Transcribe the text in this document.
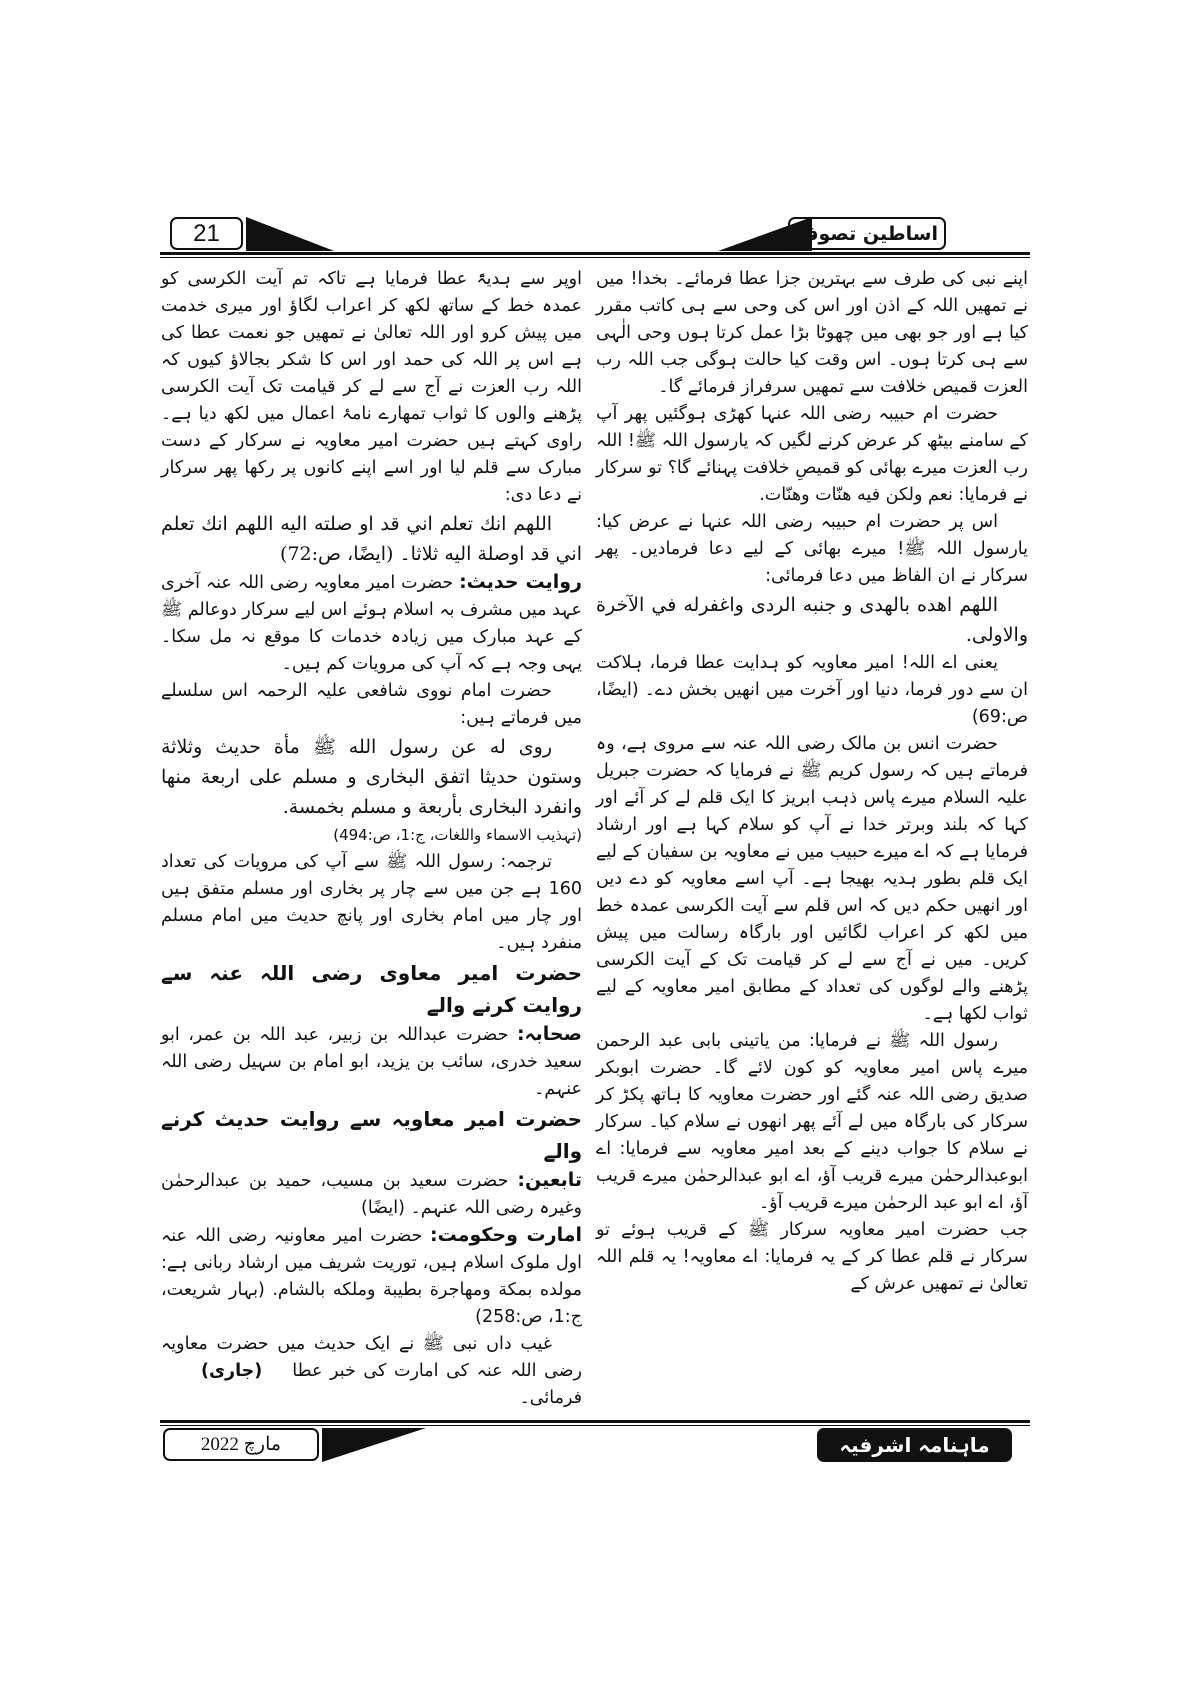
21	اساطین تصوف

اپنے نبی کی طرف سے بہترین جزا عطا فرمائے۔ بخدا! میں نے تمھیں اللہ کے اذن اور اس کی وحی سے ہی کاتب مقرر کیا ہے اور جو بھی میں چھوٹا بڑا عمل کرتا ہوں وحی الٰہی سے ہی کرتا ہوں۔ اس وقت کیا حالت ہوگی جب اللہ رب العزت قمیص خلافت سے تمھیں سرفراز فرمائے گا۔

حضرت ام حبیبہ رضی اللہ عنہا کھڑی ہوگئیں پھر آپ کے سامنے بیٹھ کر عرض کرنے لگیں کہ یارسول اللہ ﷺ! اللہ رب العزت میرے بھائی کو قمیصِ خلافت پہنائے گا؟ تو سرکار نے فرمایا: نعم ولكن فيه هنّات وهنّات.

اس پر حضرت ام حبیبہ رضی اللہ عنہا نے عرض کیا: یارسول اللہ ﷺ! میرے بھائی کے لیے دعا فرمادیں۔ پھر سرکار نے ان الفاظ میں دعا فرمائی:

اللهم اهده بالهدى و جنبه الردى واغفرله في الآخرة والاولى.

یعنی اے اللہ! امیر معاویہ کو ہدایت عطا فرما، ہلاکت ان سے دور فرما، دنیا اور آخرت میں انھیں بخش دے۔ (ایضًا، ص:69)

حضرت انس بن مالک رضی اللہ عنہ سے مروی ہے، وہ فرماتے ہیں کہ رسول کریم ﷺ نے فرمایا کہ حضرت جبریل علیہ السلام میرے پاس ذہب ابریز کا ایک قلم لے کر آئے اور کہا کہ بلند وبرتر خدا نے آپ کو سلام کہا ہے اور ارشاد فرمایا ہے کہ اے میرے حبیب میں نے معاویہ بن سفیان کے لیے ایک قلم بطور ہدیہ بھیجا ہے۔ آپ اسے معاویہ کو دے دیں اور انھیں حکم دیں کہ اس قلم سے آیت الکرسی عمدہ خط میں لکھ کر اعراب لگائیں اور بارگاہ رسالت میں پیش کریں۔ میں نے آج سے لے کر قیامت تک کے آیت الکرسی پڑھنے والے لوگوں کی تعداد کے مطابق امیر معاویہ کے لیے ثواب لکھا ہے۔

رسول اللہ ﷺ نے فرمایا: من یاتینی بابی عبد الرحمن میرے پاس امیر معاویہ کو کون لائے گا۔ حضرت ابوبکر صدیق رضی اللہ عنہ گئے اور حضرت معاویہ کا ہاتھ پکڑ کر سرکار کی بارگاہ میں لے آئے پھر انھوں نے سلام کیا۔ سرکار نے سلام کا جواب دینے کے بعد امیر معاویہ سے فرمایا: اے ابوعبدالرحمٰن میرے قریب آؤ، اے ابو عبدالرحمٰن میرے قریب آؤ، اے ابو عبد الرحمٰن میرے قریب آؤ۔

جب حضرت امیر معاویہ سرکار ﷺ کے قریب ہوئے تو سرکار نے قلم عطا کر کے یہ فرمایا: اے معاویہ! یہ قلم اللہ تعالیٰ نے تمھیں عرش کے

اوپر سے ہدیۃً عطا فرمایا ہے تاکہ تم آیت الکرسی کو عمدہ خط کے ساتھ لکھ کر اعراب لگاؤ اور میری خدمت میں پیش کرو اور اللہ تعالیٰ نے تمھیں جو نعمت عطا کی ہے اس پر اللہ کی حمد اور اس کا شکر بجالاؤ کیوں کہ اللہ رب العزت نے آج سے لے کر قیامت تک آیت الکرسی پڑھنے والوں کا ثواب تمھارے نامۂ اعمال میں لکھ دیا ہے۔ راوی کہتے ہیں حضرت امیر معاویہ نے سرکار کے دست مبارک سے قلم لیا اور اسے اپنے کانوں پر رکھا پھر سرکار نے دعا دی:

اللهم انك تعلم اني قد او صلته اليه اللهم انك تعلم اني قد اوصلة اليه ثلاثا۔ (ایضًا، ص:72)

روایت حدیث: حضرت امیر معاویہ رضی اللہ عنہ آخری عہد میں مشرف بہ اسلام ہوئے اس لیے سرکار دوعالم ﷺ کے عہد مبارک میں زیادہ خدمات کا موقع نہ مل سکا۔ یہی وجہ ہے کہ آپ کی مرویات کم ہیں۔

حضرت امام نووی شافعی علیہ الرحمہ اس سلسلے میں فرماتے ہیں:

روى له عن رسول الله ﷺ مأة حديث وثلاثة وستون حديثا اتفق البخاری و مسلم علی اربعة منها وانفرد البخاری بأربعة و مسلم بخمسة.

(تہذیب الاسماء واللغات، ج:1، ص:494)

ترجمہ: رسول اللہ ﷺ سے آپ کی مرویات کی تعداد 160 ہے جن میں سے چار پر بخاری اور مسلم متفق ہیں اور چار میں امام بخاری اور پانچ حدیث میں امام مسلم منفرد ہیں۔

حضرت امیر معاوی رضی اللہ عنہ سے روایت کرنے والے

صحابہ: حضرت عبداللہ بن زبیر، عبد اللہ بن عمر، ابو سعید خدری، سائب بن یزید، ابو امام بن سہیل رضی اللہ عنہم۔

حضرت امیر معاویہ سے روایت حدیث کرنے والے

تابعین: حضرت سعید بن مسیب، حمید بن عبدالرحمٰن وغیرہ رضی اللہ عنہم۔ (ایضًا)

امارت وحکومت: حضرت امیر معاونیہ رضی اللہ عنہ اول ملوک اسلام ہیں، توریت شریف میں ارشاد ربانی ہے: مولده بمكة ومهاجرة بطيبة وملكه بالشام. (بہار شریعت، ج:1، ص:258)

غیب داں نبی ﷺ نے ایک حدیث میں حضرت معاویہ
(جاری)	رضی اللہ عنہ کی امارت کی خبر عطا فرمائی۔

مارچ 2022	ماہنامہ اشرفیہ
